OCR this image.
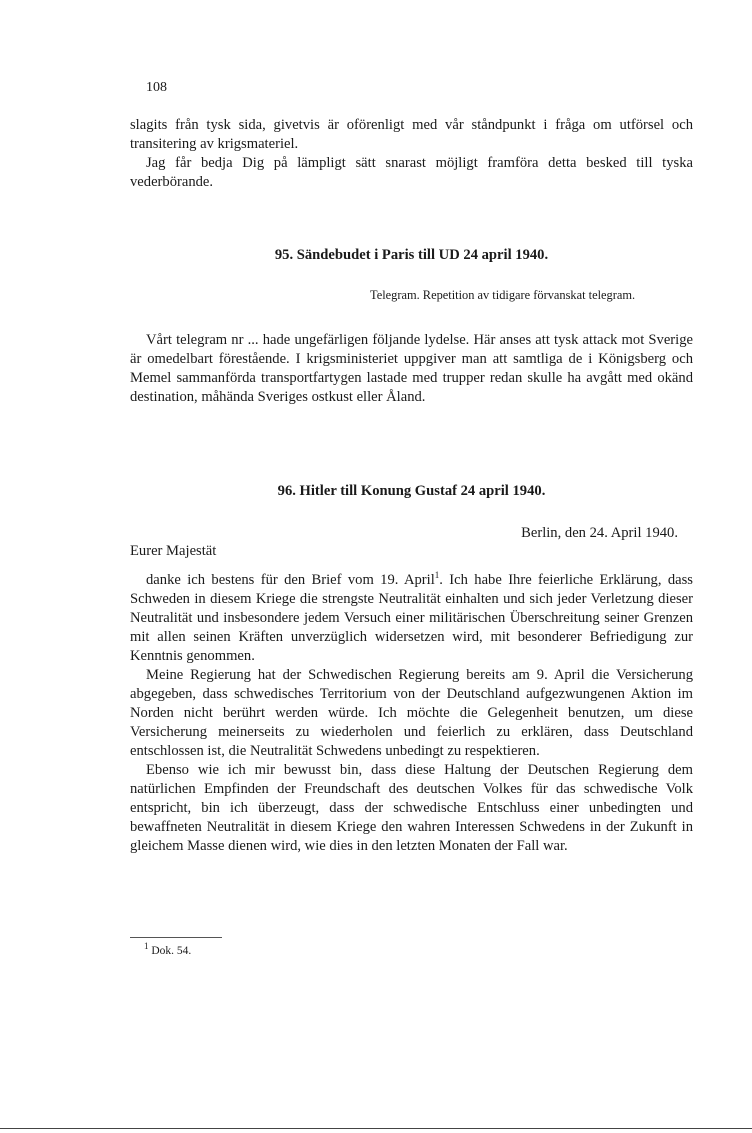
108

slagits från tysk sida, givetvis är oförenligt med vår ståndpunkt i fråga om utförsel och transitering av krigsmateriel.

Jag får bedja Dig på lämpligt sätt snarast möjligt framföra detta besked till tyska vederbörande.

95. Sändebudet i Paris till UD 24 april 1940.
Telegram. Repetition av tidigare förvanskat telegram.

Vårt telegram nr ... hade ungefärligen följande lydelse. Här anses att tysk attack mot Sverige är omedelbart förestående. I krigsministeriet uppgiver man att samtliga de i Königsberg och Memel sammanförda transportfartygen lastade med trupper redan skulle ha avgått med okänd destination, måhända Sveriges ostkust eller Åland.

96. Hitler till Konung Gustaf 24 april 1940.
Berlin, den 24. April 1940.
Eurer Majestät

danke ich bestens für den Brief vom 19. April$^1$. Ich habe Ihre feierliche Erklärung, dass Schweden in diesem Kriege die strengste Neutralität einhalten und sich jeder Verletzung dieser Neutralität und insbesondere jedem Versuch einer militärischen Überschreitung seiner Grenzen mit allen seinen Kräften unverzüglich widersetzen wird, mit besonderer Befriedigung zur Kenntnis genommen.

Meine Regierung hat der Schwedischen Regierung bereits am 9. April die Versicherung abgegeben, dass schwedisches Territorium von der Deutschland aufgezwungenen Aktion im Norden nicht berührt werden würde. Ich möchte die Gelegenheit benutzen, um diese Versicherung meinerseits zu wiederholen und feierlich zu erklären, dass Deutschland entschlossen ist, die Neutralität Schwedens unbedingt zu respektieren.

Ebenso wie ich mir bewusst bin, dass diese Haltung der Deutschen Regierung dem natürlichen Empfinden der Freundschaft des deutschen Volkes für das schwedische Volk entspricht, bin ich überzeugt, dass der schwedische Entschluss einer unbedingten und bewaffneten Neutralität in diesem Kriege den wahren Interessen Schwedens in der Zukunft in gleichem Masse dienen wird, wie dies in den letzten Monaten der Fall war.

$^1$ Dok. 54.
